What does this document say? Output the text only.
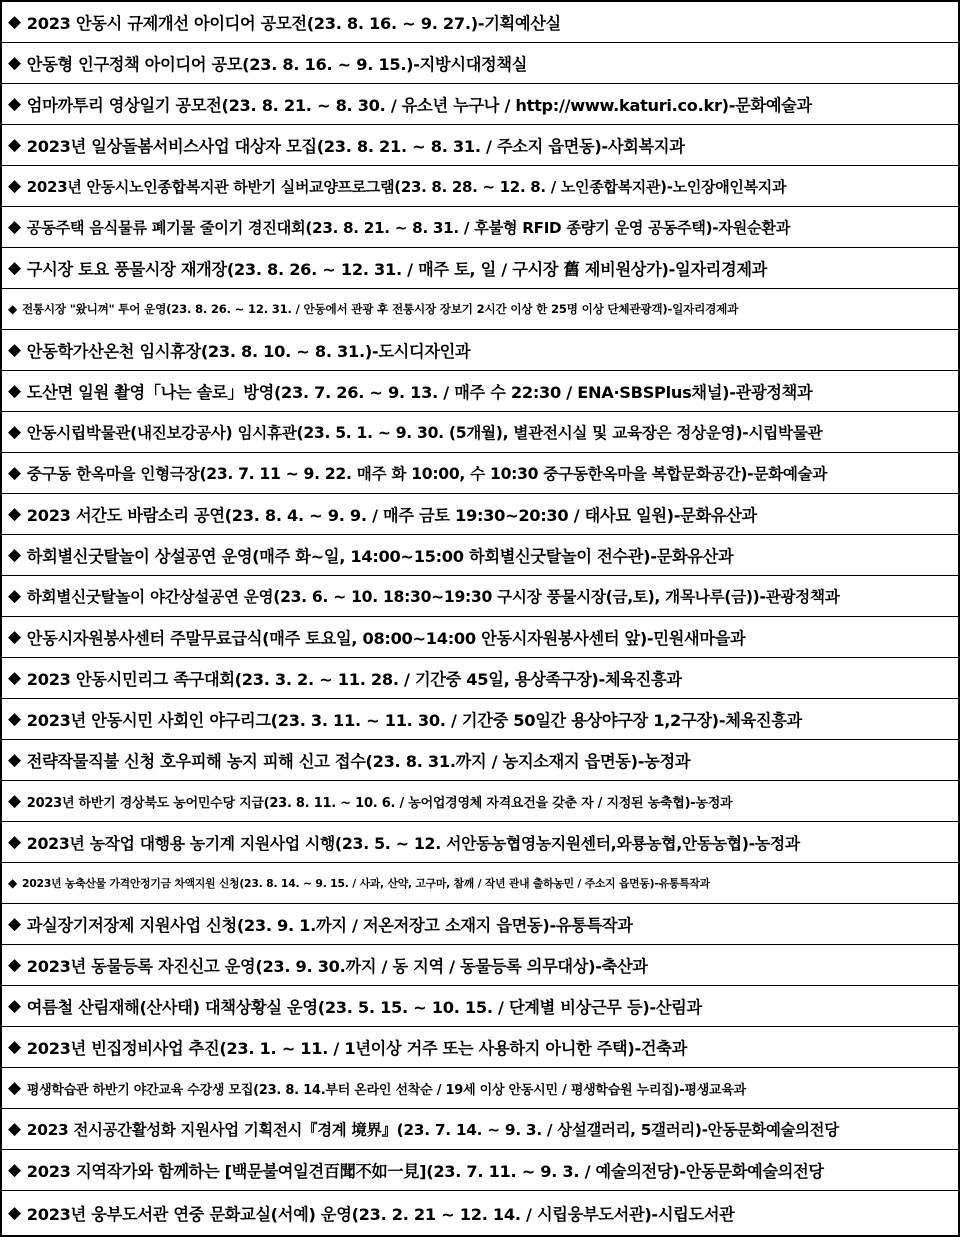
◆ 2023 안동시 규제개선 아이디어 공모전(23. 8. 16. ~ 9. 27.)-기획예산실
◆ 안동형 인구정책 아이디어 공모(23. 8. 16. ~ 9. 15.)-지방시대정책실
◆ 엄마까투리 영상일기 공모전(23. 8. 21. ~ 8. 30. / 유소년 누구나 / http://www.katuri.co.kr)-문화예술과
◆ 2023년 일상돌봄서비스사업 대상자 모집(23. 8. 21. ~ 8. 31. / 주소지 읍면동)-사회복지과
◆ 2023년 안동시노인종합복지관 하반기 실버교양프로그램(23. 8. 28. ~ 12. 8. / 노인종합복지관)-노인장애인복지과
◆ 공동주택 음식물류 폐기물 줄이기 경진대회(23. 8. 21. ~ 8. 31. / 후불형 RFID 종량기 운영 공동주택)-자원순환과
◆ 구시장 토요 풍물시장 재개장(23. 8. 26. ~ 12. 31. / 매주 토, 일 / 구시장 舊 제비원상가)-일자리경제과
◆ 전통시장 "왔니껴" 투어 운영(23. 8. 26. ~ 12. 31. / 안동에서 관광 후 전통시장 장보기 2시간 이상 한 25명 이상 단체관광객)-일자리경제과
◆ 안동학가산온천 임시휴장(23. 8. 10. ~ 8. 31.)-도시디자인과
◆ 도산면 일원 촬영「나는 솔로」방영(23. 7. 26. ~ 9. 13. / 매주 수 22:30 / ENA·SBSPlus채널)-관광정책과
◆ 안동시립박물관(내진보강공사) 임시휴관(23. 5. 1. ~ 9. 30. (5개월), 별관전시실 및 교육장은 정상운영)-시립박물관
◆ 중구동 한옥마을 인형극장(23. 7. 11 ~ 9. 22. 매주 화 10:00, 수 10:30 중구동한옥마을 복합문화공간)-문화예술과
◆ 2023 서간도 바람소리 공연(23. 8. 4. ~ 9. 9. / 매주 금토 19:30~20:30 / 태사묘 일원)-문화유산과
◆ 하회별신굿탈놀이 상설공연 운영(매주 화~일, 14:00~15:00 하회별신굿탈놀이 전수관)-문화유산과
◆ 하회별신굿탈놀이 야간상설공연 운영(23. 6. ~ 10. 18:30~19:30 구시장 풍물시장(금,토), 개목나루(금))-관광정책과
◆ 안동시자원봉사센터 주말무료급식(매주 토요일, 08:00~14:00 안동시자원봉사센터 앞)-민원새마을과
◆ 2023 안동시민리그 족구대회(23. 3. 2. ~ 11. 28. / 기간중 45일, 용상족구장)-체육진흥과
◆ 2023년 안동시민 사회인 야구리그(23. 3. 11. ~ 11. 30. / 기간중 50일간 용상야구장 1,2구장)-체육진흥과
◆ 전략작물직불 신청 호우피해 농지 피해 신고 접수(23. 8. 31.까지 / 농지소재지 읍면동)-농정과
◆ 2023년 하반기 경상북도 농어민수당 지급(23. 8. 11. ~ 10. 6. / 농어업경영체 자격요건을 갖춘 자 / 지정된 농축협)-농정과
◆ 2023년 농작업 대행용 농기계 지원사업 시행(23. 5. ~ 12. 서안동농협영농지원센터,와룡농협,안동농협)-농정과
◆ 2023년 농축산물 가격안정기금 차액지원 신청(23. 8. 14. ~ 9. 15. / 사과, 산약, 고구마, 참깨 / 작년 관내 출하농민 / 주소지 읍면동)-유통특작과
◆ 과실장기저장제 지원사업 신청(23. 9. 1.까지 / 저온저장고 소재지 읍면동)-유통특작과
◆ 2023년 동물등록 자진신고 운영(23. 9. 30.까지 / 동 지역 / 동물등록 의무대상)-축산과
◆ 여름철 산림재해(산사태) 대책상황실 운영(23. 5. 15. ~ 10. 15. / 단계별 비상근무 등)-산림과
◆ 2023년 빈집정비사업 추진(23. 1. ~ 11. / 1년이상 거주 또는 사용하지 아니한 주택)-건축과
◆ 평생학습관 하반기 야간교육 수강생 모집(23. 8. 14.부터 온라인 선착순 / 19세 이상 안동시민 / 평생학습원 누리집)-평생교육과
◆ 2023 전시공간활성화 지원사업 기획전시『경계 境界』(23. 7. 14. ~ 9. 3. / 상설갤러리, 5갤러리)-안동문화예술의전당
◆ 2023 지역작가와 함께하는 [백문불여일견百聞不如一見](23. 7. 11. ~ 9. 3. / 예술의전당)-안동문화예술의전당
◆ 2023년 웅부도서관 연중 문화교실(서예) 운영(23. 2. 21 ~ 12. 14. / 시립웅부도서관)-시립도서관
